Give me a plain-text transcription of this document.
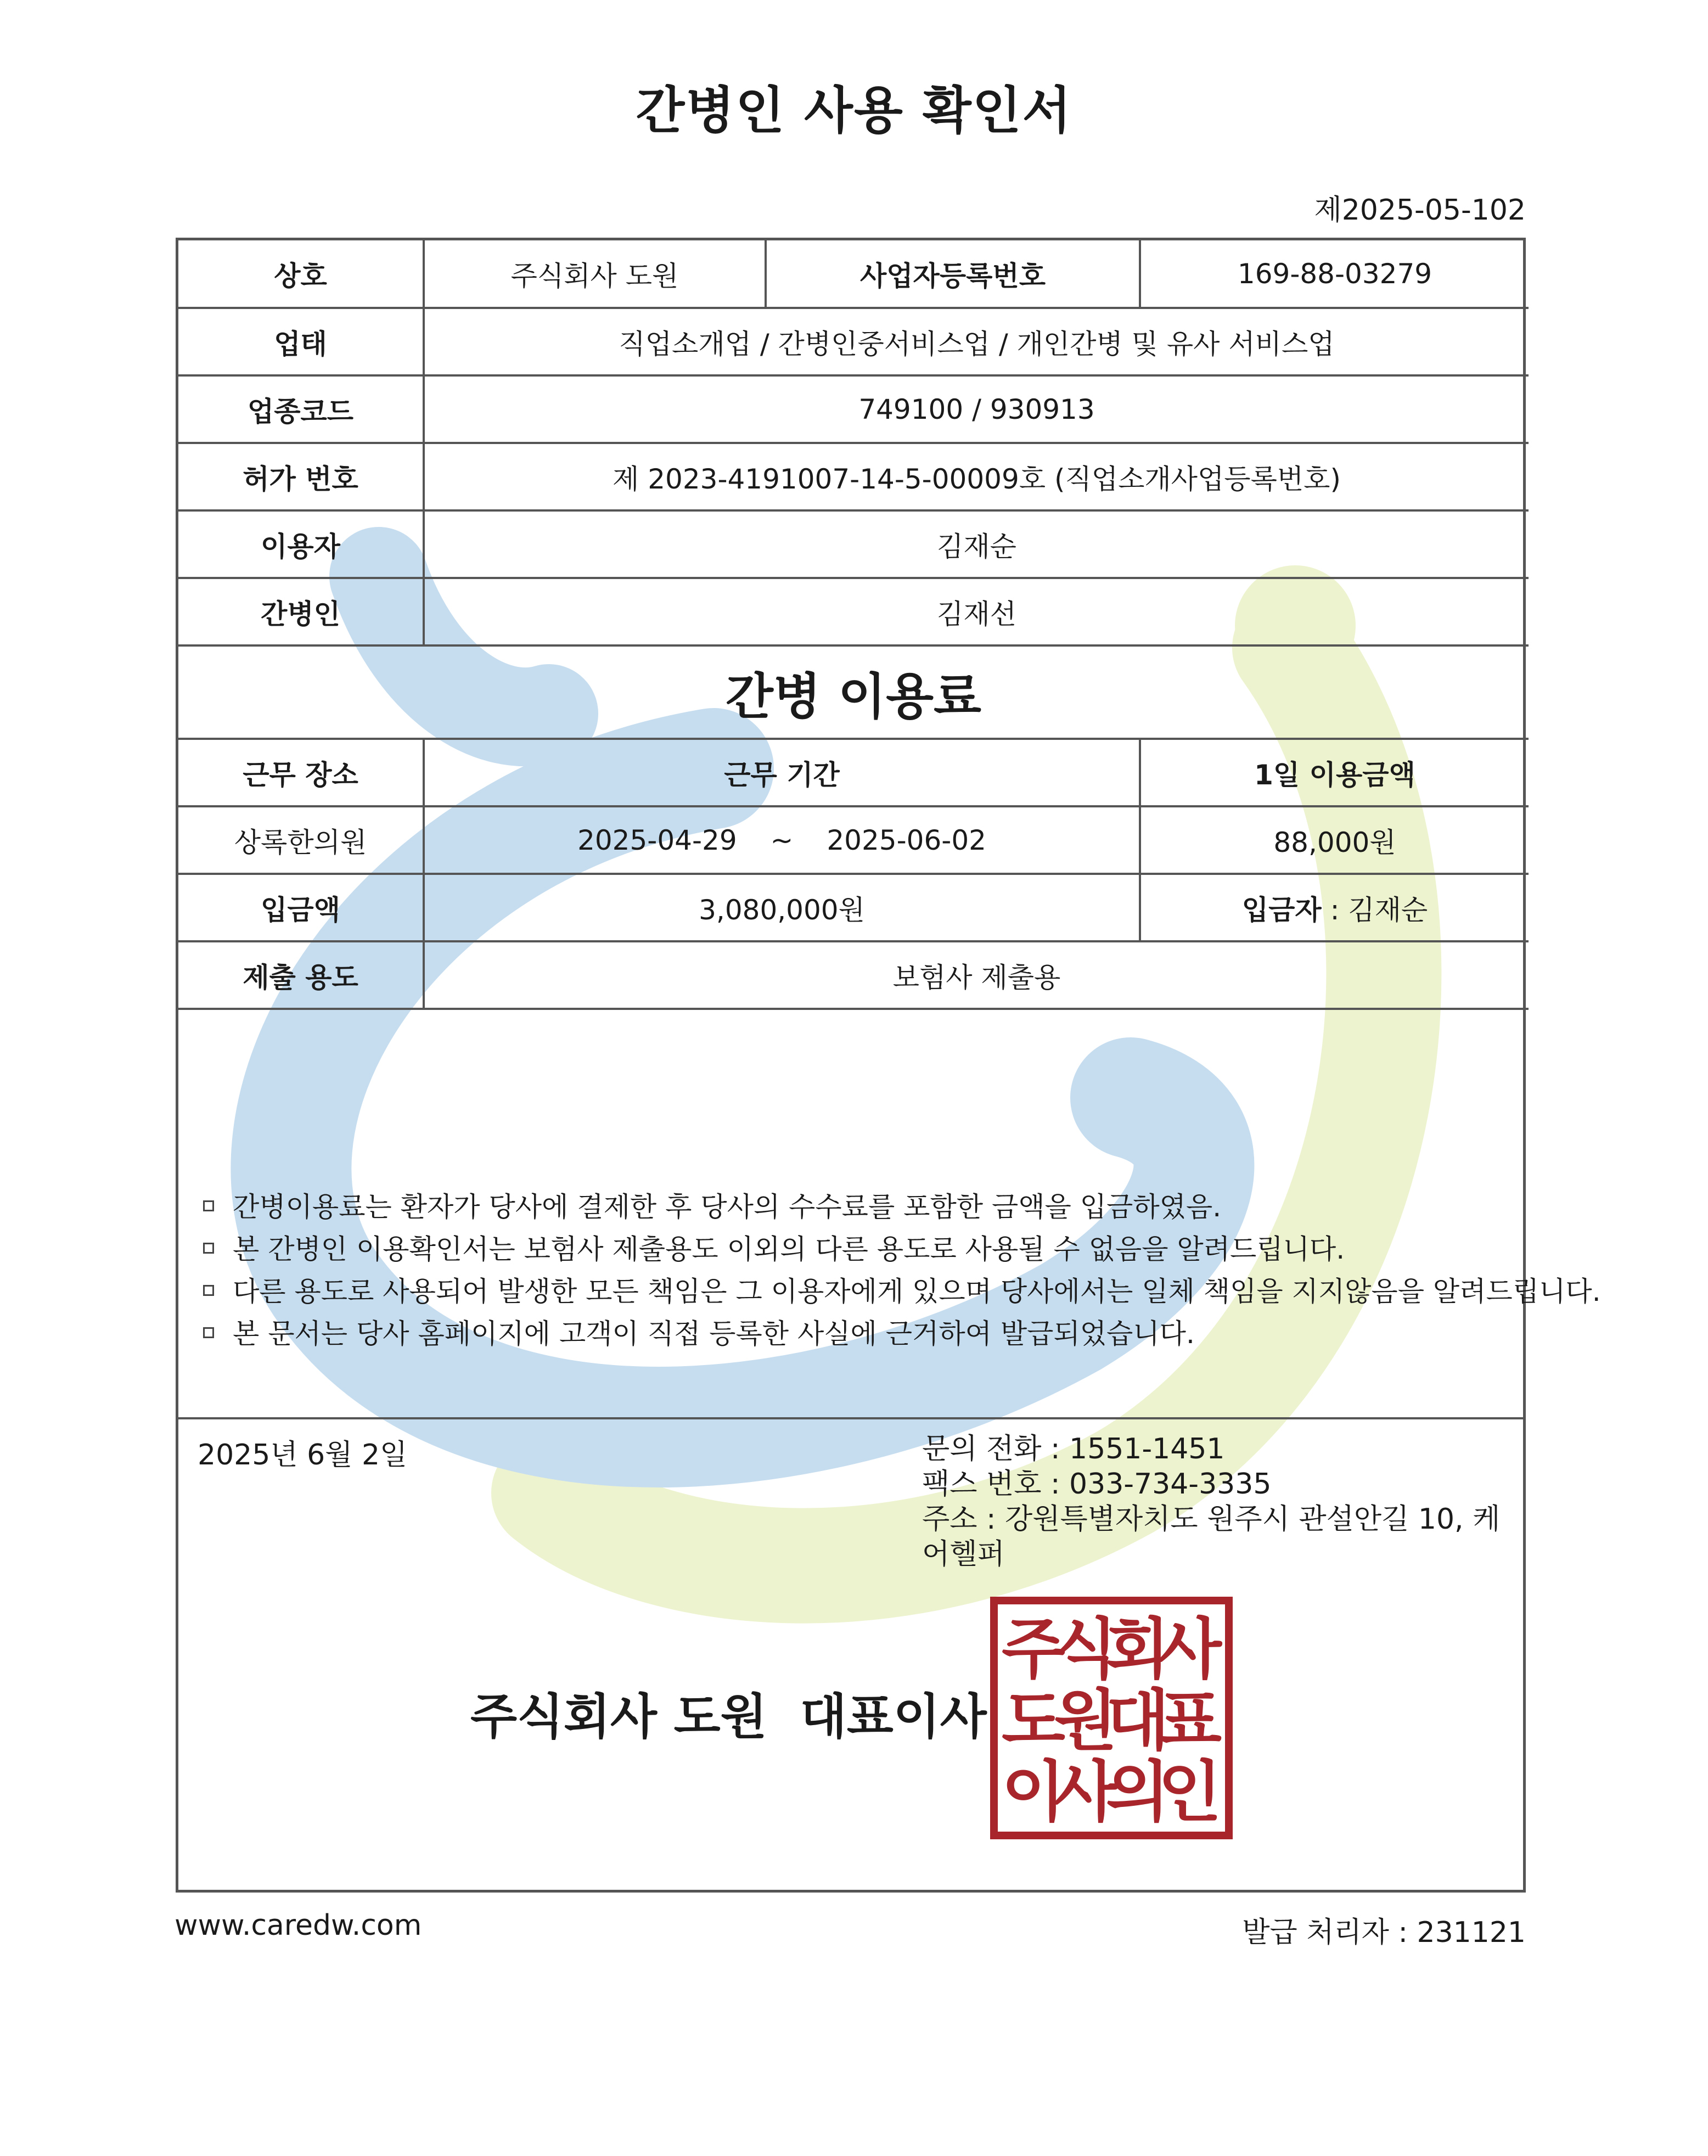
간병인 사용 확인서
제2025-05-102
상호	주식회사 도원	사업자등록번호	169-88-03279
업태	직업소개업 / 간병인중서비스업 / 개인간병 및 유사 서비스업		
업종코드	749100 / 930913		
허가 번호	제 2023-4191007-14-5-00009호 (직업소개사업등록번호)		
이용자	김재순		
간병인	김재선		
간병 이용료			
근무 장소	근무 기간		1일 이용금액
상록한의원	2025-04-29 ~ 2025-06-02		88,000원
입금액	3,080,000원		입금자 : 김재순
제출 용도	보험사 제출용		
간병이용료는 환자가 당사에 결제한 후 당사의 수수료를 포함한 금액을 입금하였음.
본 간병인 이용확인서는 보험사 제출용도 이외의 다른 용도로 사용될 수 없음을 알려드립니다.
다른 용도로 사용되어 발생한 모든 책임은 그 이용자에게 있으며 당사에서는 일체 책임을 지지않음을 알려드립니다.
본 문서는 당사 홈페이지에 고객이 직접 등록한 사실에 근거하여 발급되었습니다.
2025년 6월 2일	문의 전화 : 1551-1451
팩스 번호 : 033-734-3335
주소 : 강원특별자치도 원주시 관설안길 10, 케어헬퍼
주식회사 도원 대표이사
주
식
회
사
도
원
대
표
이
사
의
인
www.caredw.com	발급 처리자 : 231121
